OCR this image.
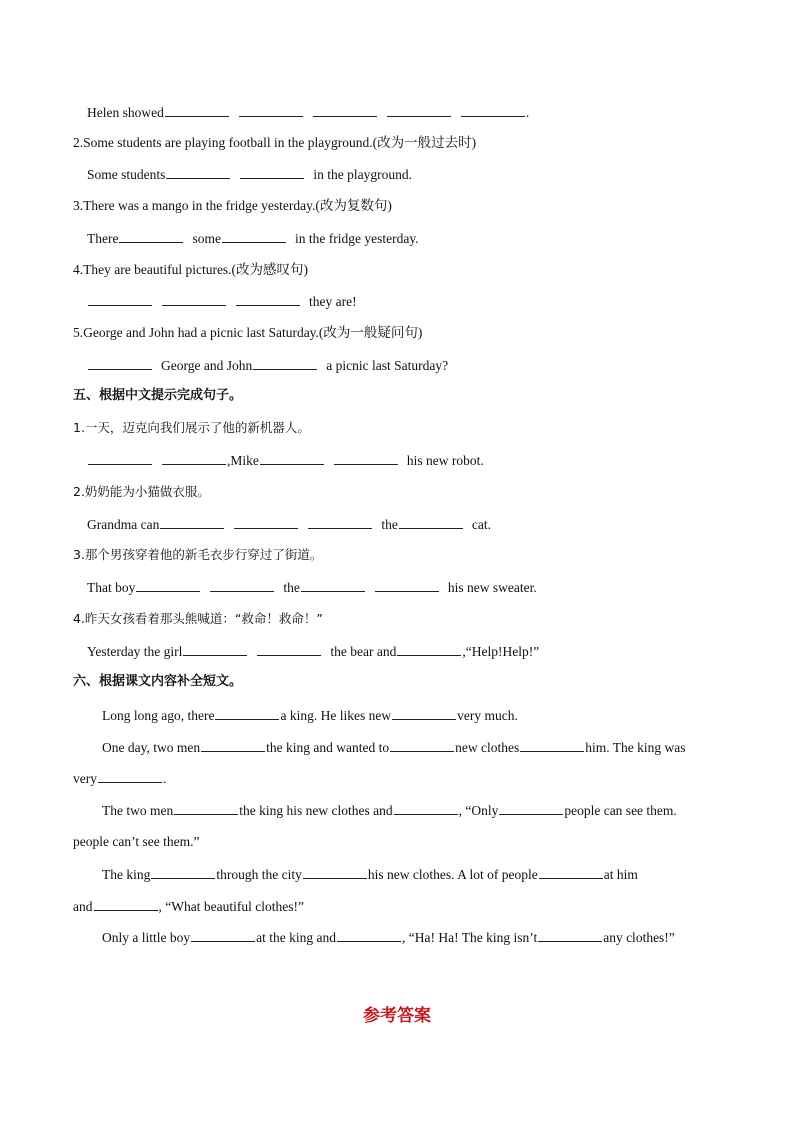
Helen showed	.
2.Some students are playing football in the playground.(改为一般过去时)
Some students	in the playground.
3.There was a mango in the fridge yesterday.(改为复数句)
There	some	in the fridge yesterday.
4.They are beautiful pictures.(改为感叹句)
they are!
5.George and John had a picnic last Saturday.(改为一般疑问句)
George and John	a picnic last Saturday?
五、根据中文提示完成句子。
1.一天，迈克向我们展示了他的新机器人。
,Mike	his new robot.
2.奶奶能为小猫做衣服。
Grandma can	the	cat.
3.那个男孩穿着他的新毛衣步行穿过了街道。
That boy	the	his new sweater.
4.昨天女孩看着那头熊喊道：“救命！救命！”
Yesterday the girl	the bear and	,“Help!Help!”
六、根据课文内容补全短文。
Long long ago, there	a king. He likes new	very much.
One day, two men	the king and wanted to	new clothes	him. The king was
very	.
The two men	the king his new clothes and	, “Only	people can see them.
people can’t see them.”
The king	through the city	his new clothes. A lot of people	at him
and	, “What beautiful clothes!”
Only a little boy	at the king and	, “Ha! Ha! The king isn’t	any clothes!”
参考答案
